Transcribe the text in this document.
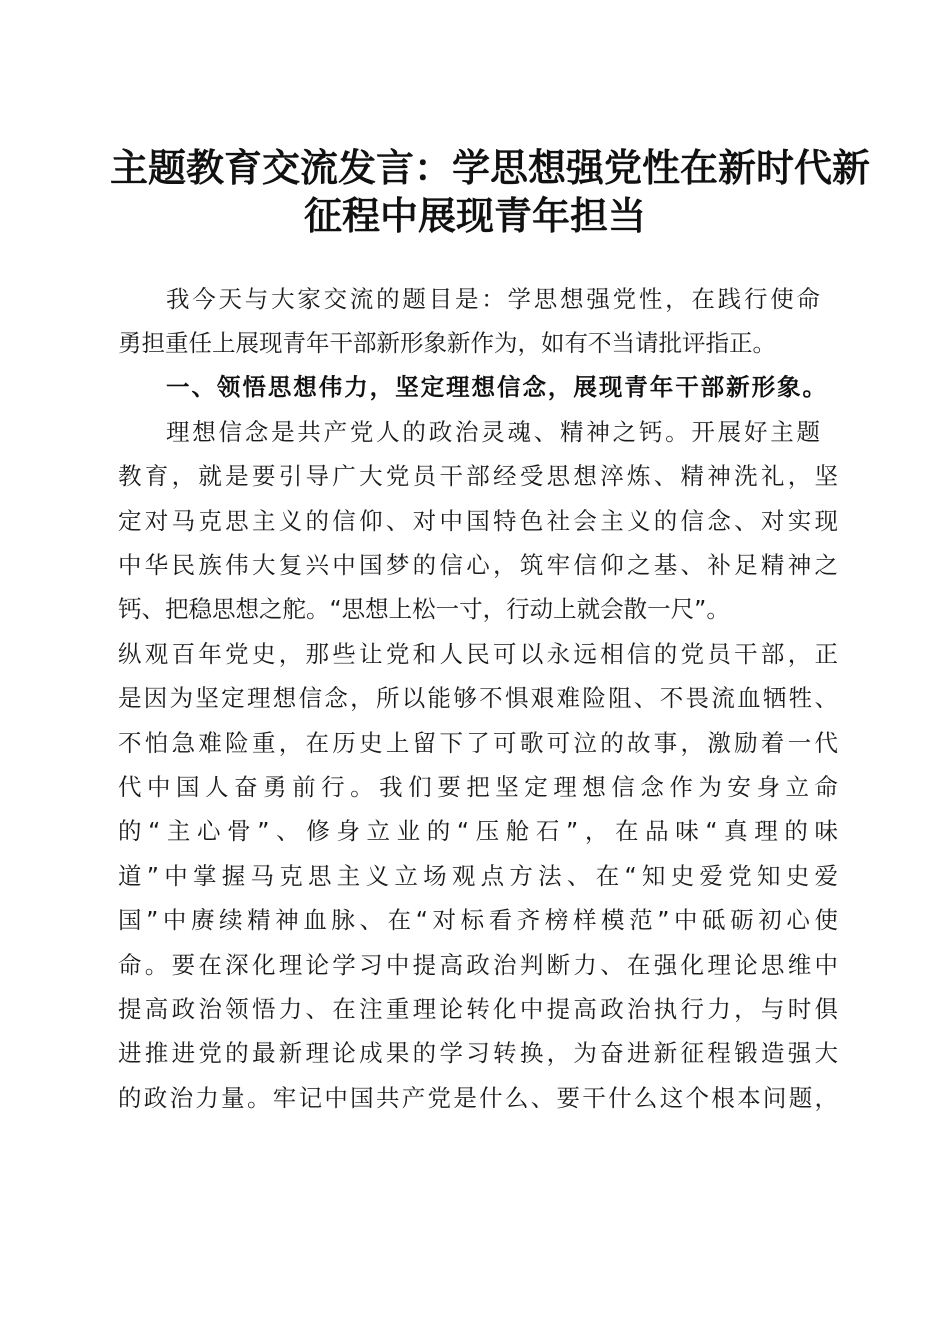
主题教育交流发言：学思想强党性在新时代新
征程中展现青年担当
我今天与大家交流的题目是：学思想强党性，在践行使命
勇担重任上展现青年干部新形象新作为，如有不当请批评指正。
一、领悟思想伟力，坚定理想信念，展现青年干部新形象。
理想信念是共产党人的政治灵魂、精神之钙。开展好主题
教育，就是要引导广大党员干部经受思想淬炼、精神洗礼，坚
定对马克思主义的信仰、对中国特色社会主义的信念、对实现
中华民族伟大复兴中国梦的信心，筑牢信仰之基、补足精神之
钙、把稳思想之舵。“思想上松一寸，行动上就会散一尺”。
纵观百年党史，那些让党和人民可以永远相信的党员干部，正
是因为坚定理想信念，所以能够不惧艰难险阻、不畏流血牺牲、
不怕急难险重，在历史上留下了可歌可泣的故事，激励着一代
代中国人奋勇前行。我们要把坚定理想信念作为安身立命
的“主心骨”、修身立业的“压舱石”，在品味“真理的味
道”中掌握马克思主义立场观点方法、在“知史爱党知史爱
国”中赓续精神血脉、在“对标看齐榜样模范”中砥砺初心使
命。要在深化理论学习中提高政治判断力、在强化理论思维中
提高政治领悟力、在注重理论转化中提高政治执行力，与时俱
进推进党的最新理论成果的学习转换，为奋进新征程锻造强大
的政治力量。牢记中国共产党是什么、要干什么这个根本问题，
